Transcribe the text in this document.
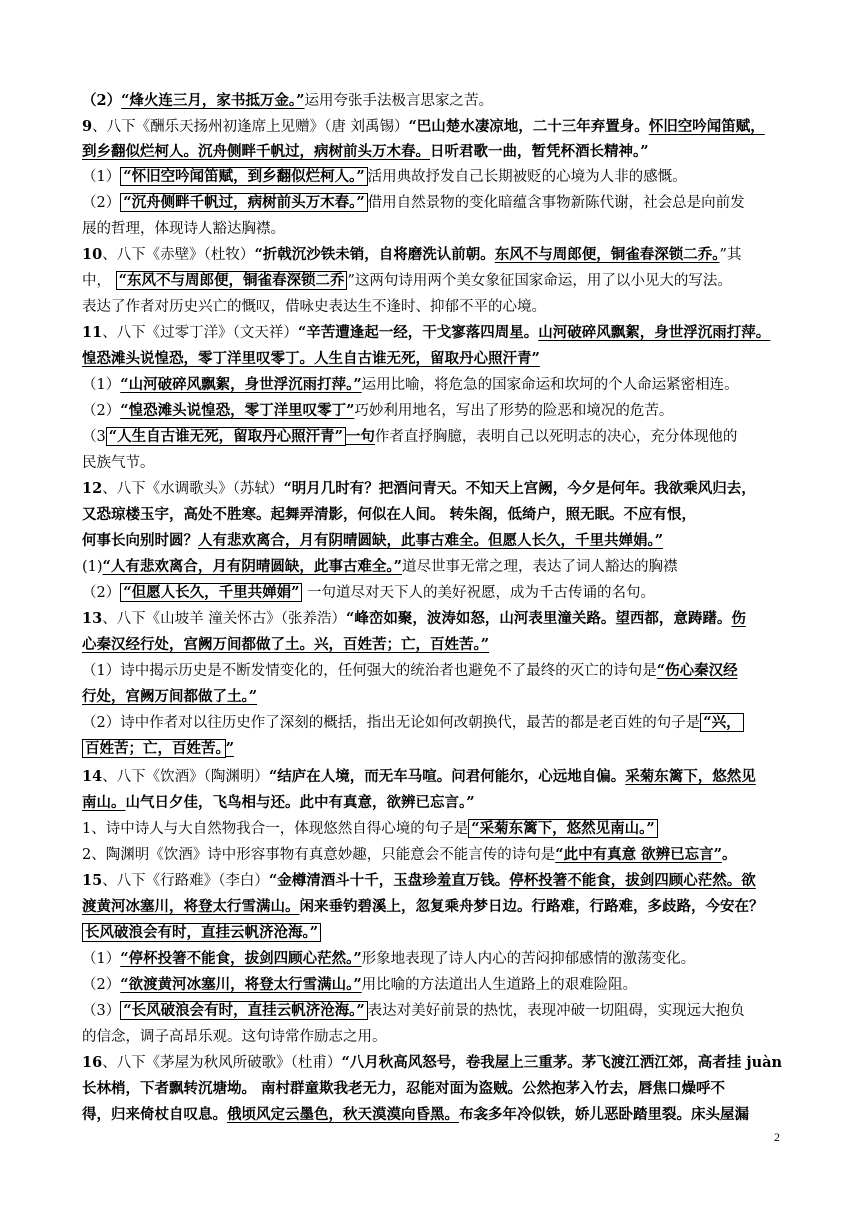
（2）“烽火连三月，家书抵万金。”运用夸张手法极言思家之苦。
9、八下《酬乐天扬州初逢席上见赠》（唐 刘禹锡）“巴山楚水凄凉地，二十三年弃置身。怀旧空吟闻笛赋，
到乡翻似烂柯人。沉舟侧畔千帆过，病树前头万木春。日听君歌一曲，暂凭杯酒长精神。”
（1） “怀旧空吟闻笛赋，到乡翻似烂柯人。” 活用典故抒发自己长期被贬的心境为人非的感慨。
（2） “沉舟侧畔千帆过，病树前头万木春。” 借用自然景物的变化暗蕴含事物新陈代谢，社会总是向前发
展的哲理，体现诗人豁达胸襟。
10、八下《赤壁》（杜牧）“折戟沉沙铁未销，自将磨洗认前朝。东风不与周郎便，铜雀春深锁二乔。”其
中， “东风不与周郎便，铜雀春深锁二乔 ”这两句诗用两个美女象征国家命运，用了以小见大的写法。
表达了作者对历史兴亡的慨叹，借咏史表达生不逢时、抑郁不平的心境。
11、八下《过零丁洋》（文天祥）“辛苦遭逢起一经，干戈寥落四周星。山河破碎风飘絮，身世浮沉雨打萍。
惶恐滩头说惶恐，零丁洋里叹零丁。人生自古谁无死，留取丹心照汗青”
（1）“山河破碎风飘絮，身世浮沉雨打萍。”运用比喻，将危急的国家命运和坎坷的个人命运紧密相连。
（2）“惶恐滩头说惶恐，零丁洋里叹零丁”巧妙利用地名，写出了形势的险恶和境况的危苦。
（3 “人生自古谁无死，留取丹心照汗青” 一句作者直抒胸臆，表明自己以死明志的决心，充分体现他的
民族气节。
12、八下《水调歌头》（苏轼）“明月几时有？把酒问青天。不知天上宫阙，今夕是何年。我欲乘风归去，
又恐琼楼玉宇，高处不胜寒。起舞弄清影，何似在人间。 转朱阁，低绮户，照无眠。不应有恨，
何事长向别时圆？人有悲欢离合，月有阴晴圆缺，此事古难全。但愿人长久，千里共婵娟。”
(1)“人有悲欢离合，月有阴晴圆缺，此事古难全。”道尽世事无常之理，表达了词人豁达的胸襟
（2） “但愿人长久，千里共婵娟” 一句道尽对天下人的美好祝愿，成为千古传诵的名句。
13、八下《山坡羊 潼关怀古》（张养浩）“峰峦如聚，波涛如怒，山河表里潼关路。望西都，意踌躇。伤
心秦汉经行处，宫阙万间都做了土。兴，百姓苦；亡，百姓苦。”
（1）诗中揭示历史是不断发情变化的，任何强大的统治者也避免不了最终的灭亡的诗句是“伤心秦汉经
行处，宫阙万间都做了土。”
（2）诗中作者对以往历史作了深刻的概括，指出无论如何改朝换代，最苦的都是老百姓的句子是 “兴，
百姓苦；亡，百姓苦。 ”
14、八下《饮酒》（陶渊明）“结庐在人境，而无车马喧。问君何能尔，心远地自偏。采菊东篱下，悠然见
南山。山气日夕佳，飞鸟相与还。此中有真意，欲辨已忘言。”
1、诗中诗人与大自然物我合一，体现悠然自得心境的句子是 “采菊东篱下，悠然见南山。”
2、陶渊明《饮酒》诗中形容事物有真意妙趣，只能意会不能言传的诗句是“此中有真意 欲辨已忘言”。
15、八下《行路难》（李白）“金樽清酒斗十千，玉盘珍羞直万钱。停杯投箸不能食，拔剑四顾心茫然。欲
渡黄河冰塞川，将登太行雪满山。闲来垂钓碧溪上，忽复乘舟梦日边。行路难，行路难，多歧路，今安在？
长风破浪会有时，直挂云帆济沧海。”
（1）“停杯投箸不能食，拔剑四顾心茫然。”形象地表现了诗人内心的苦闷抑郁感情的激荡变化。
（2）“欲渡黄河冰塞川，将登太行雪满山。”用比喻的方法道出人生道路上的艰难险阻。
（3） “长风破浪会有时，直挂云帆济沧海。” 表达对美好前景的热忱，表现冲破一切阻碍，实现远大抱负
的信念，调子高昂乐观。这句诗常作励志之用。
16、八下《茅屋为秋风所破歌》（杜甫）“八月秋高风怒号，卷我屋上三重茅。茅飞渡江洒江郊，高者挂 juàn
长林梢，下者飘转沉塘坳。 南村群童欺我老无力，忍能对面为盗贼。公然抱茅入竹去，唇焦口燥呼不
得，归来倚杖自叹息。俄顷风定云墨色，秋天漠漠向昏黑。布衾多年冷似铁，娇儿恶卧踏里裂。床头屋漏
2
